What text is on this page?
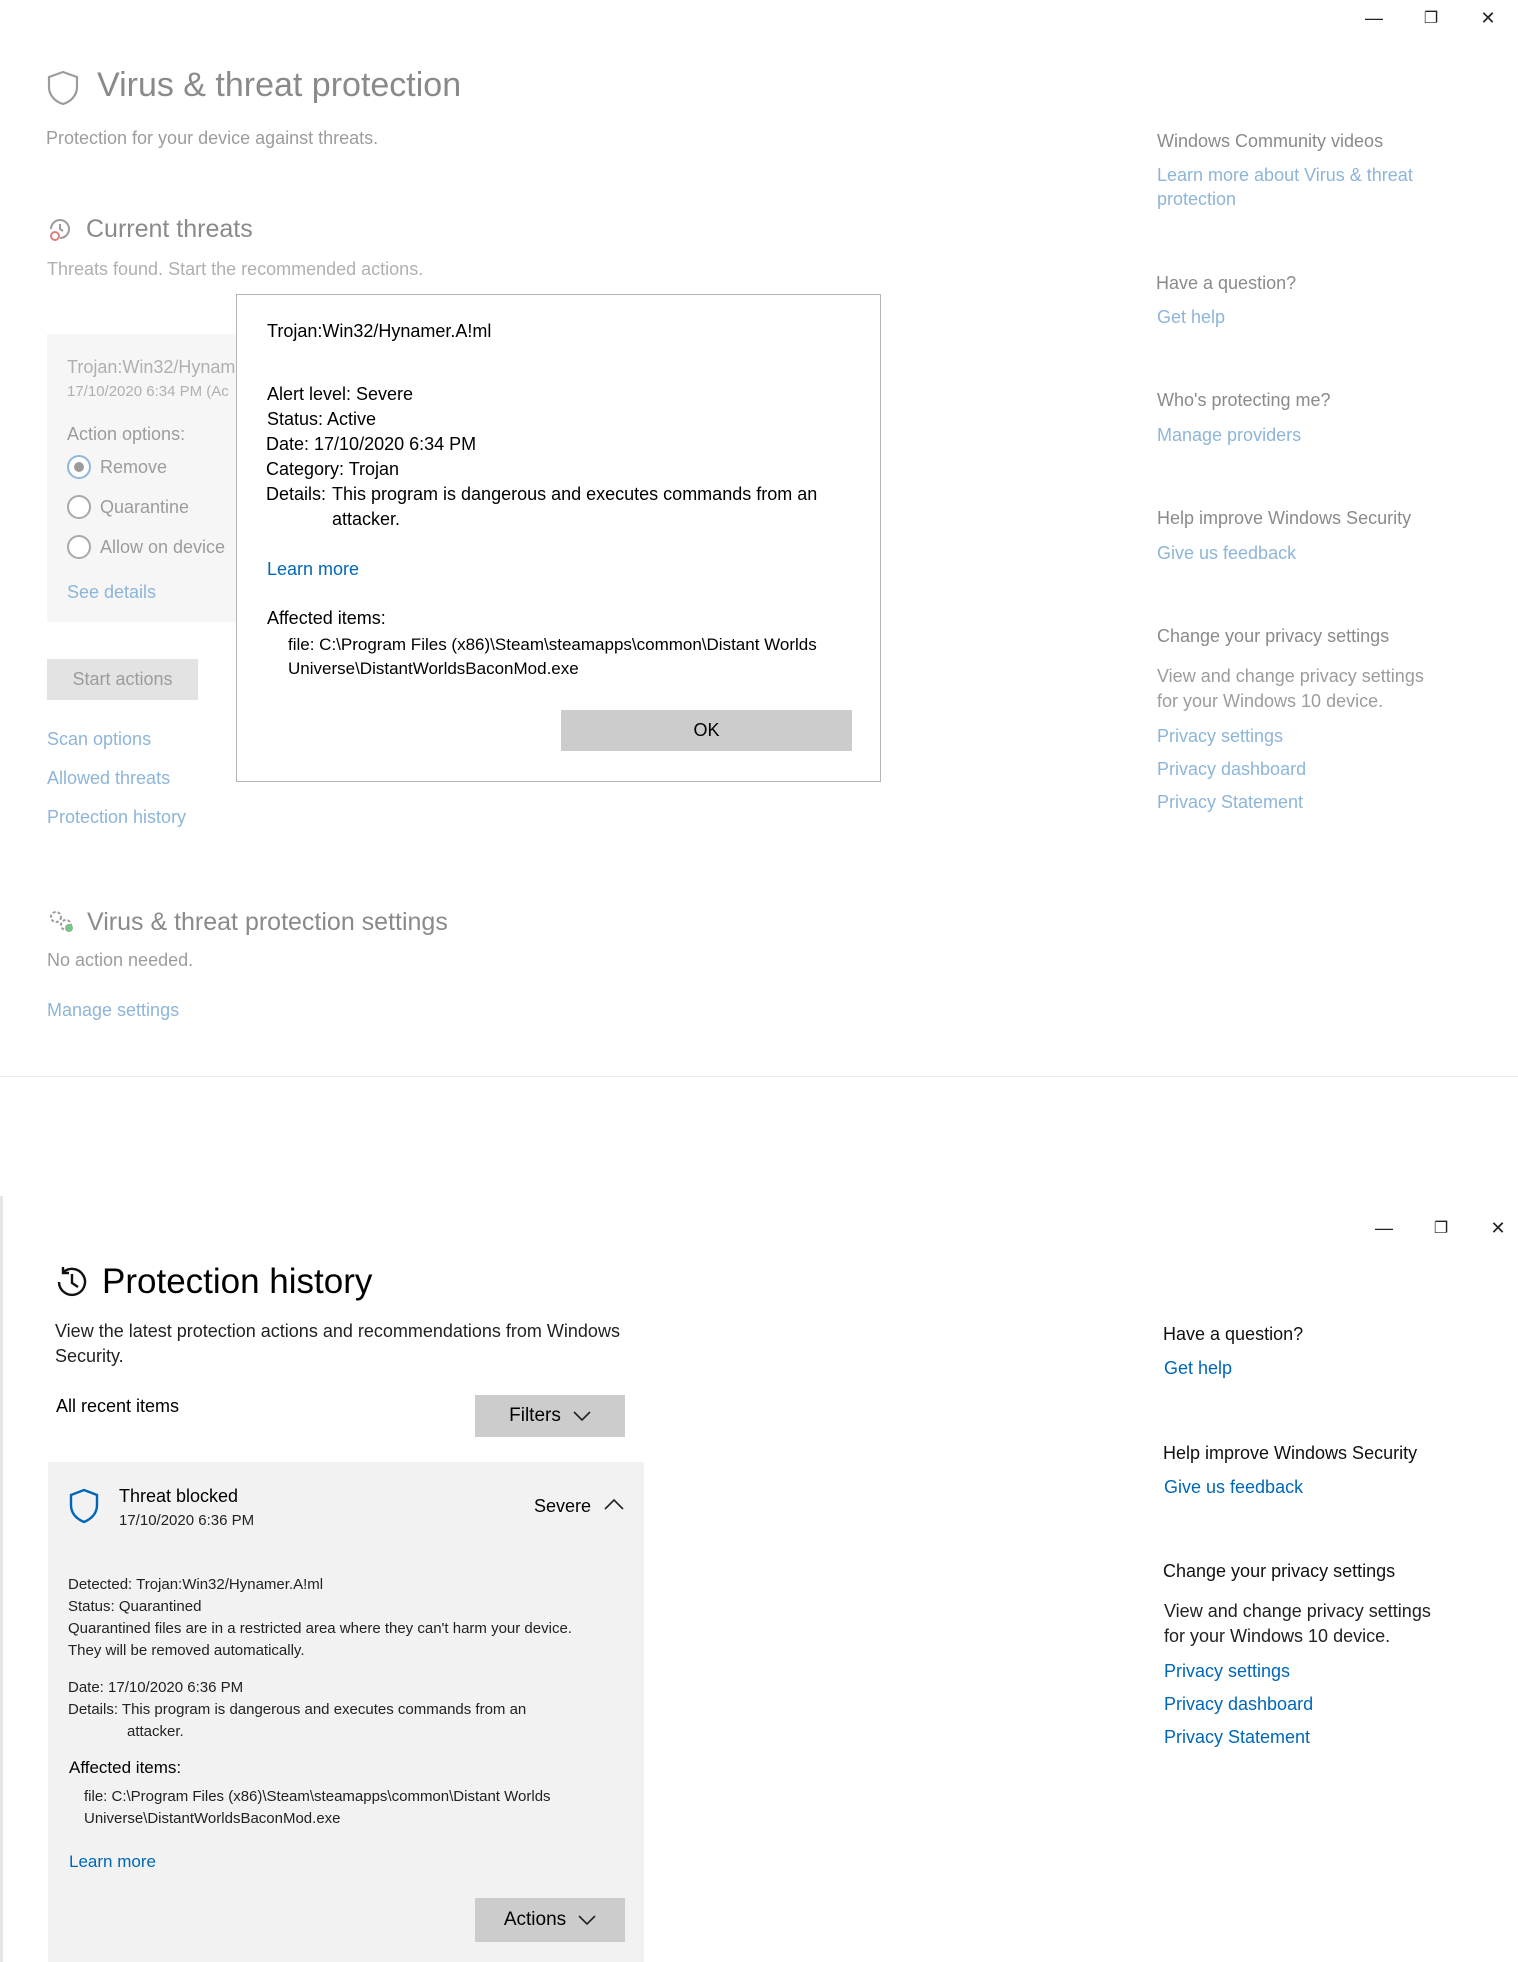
—	❐	✕
Virus & threat protection
Protection for your device against threats.
Current threats
Threats found. Start the recommended actions.
Trojan:Win32/Hynam
17/10/2020 6:34 PM (Ac
Action options:
Remove
Quarantine
Allow on device
See details
Start actions
Scan options
Allowed threats
Protection history
Virus & threat protection settings
No action needed.
Manage settings
Windows Community videos
Learn more about Virus & threat
protection
Have a question?
Get help
Who's protecting me?
Manage providers
Help improve Windows Security
Give us feedback
Change your privacy settings
View and change privacy settings
for your Windows 10 device.
Privacy settings
Privacy dashboard
Privacy Statement
Trojan:Win32/Hynamer.A!ml
Alert level: Severe
Status: Active
Date: 17/10/2020 6:34 PM
Category: Trojan
Details: This program is dangerous and executes commands from an
attacker.
Learn more
Affected items:
file: C:\Program Files (x86)\Steam\steamapps\common\Distant Worlds
Universe\DistantWorldsBaconMod.exe
OK
—	❐	✕
Protection history
View the latest protection actions and recommendations from Windows
Security.
All recent items	Filters
Threat blocked
17/10/2020 6:36 PM
Severe
Detected: Trojan:Win32/Hynamer.A!ml
Status: Quarantined
Quarantined files are in a restricted area where they can't harm your device.
They will be removed automatically.
Date: 17/10/2020 6:36 PM
Details: This program is dangerous and executes commands from an
attacker.
Affected items:
file: C:\Program Files (x86)\Steam\steamapps\common\Distant Worlds
Universe\DistantWorldsBaconMod.exe
Learn more
Actions
Have a question?
Get help
Help improve Windows Security
Give us feedback
Change your privacy settings
View and change privacy settings
for your Windows 10 device.
Privacy settings
Privacy dashboard
Privacy Statement
